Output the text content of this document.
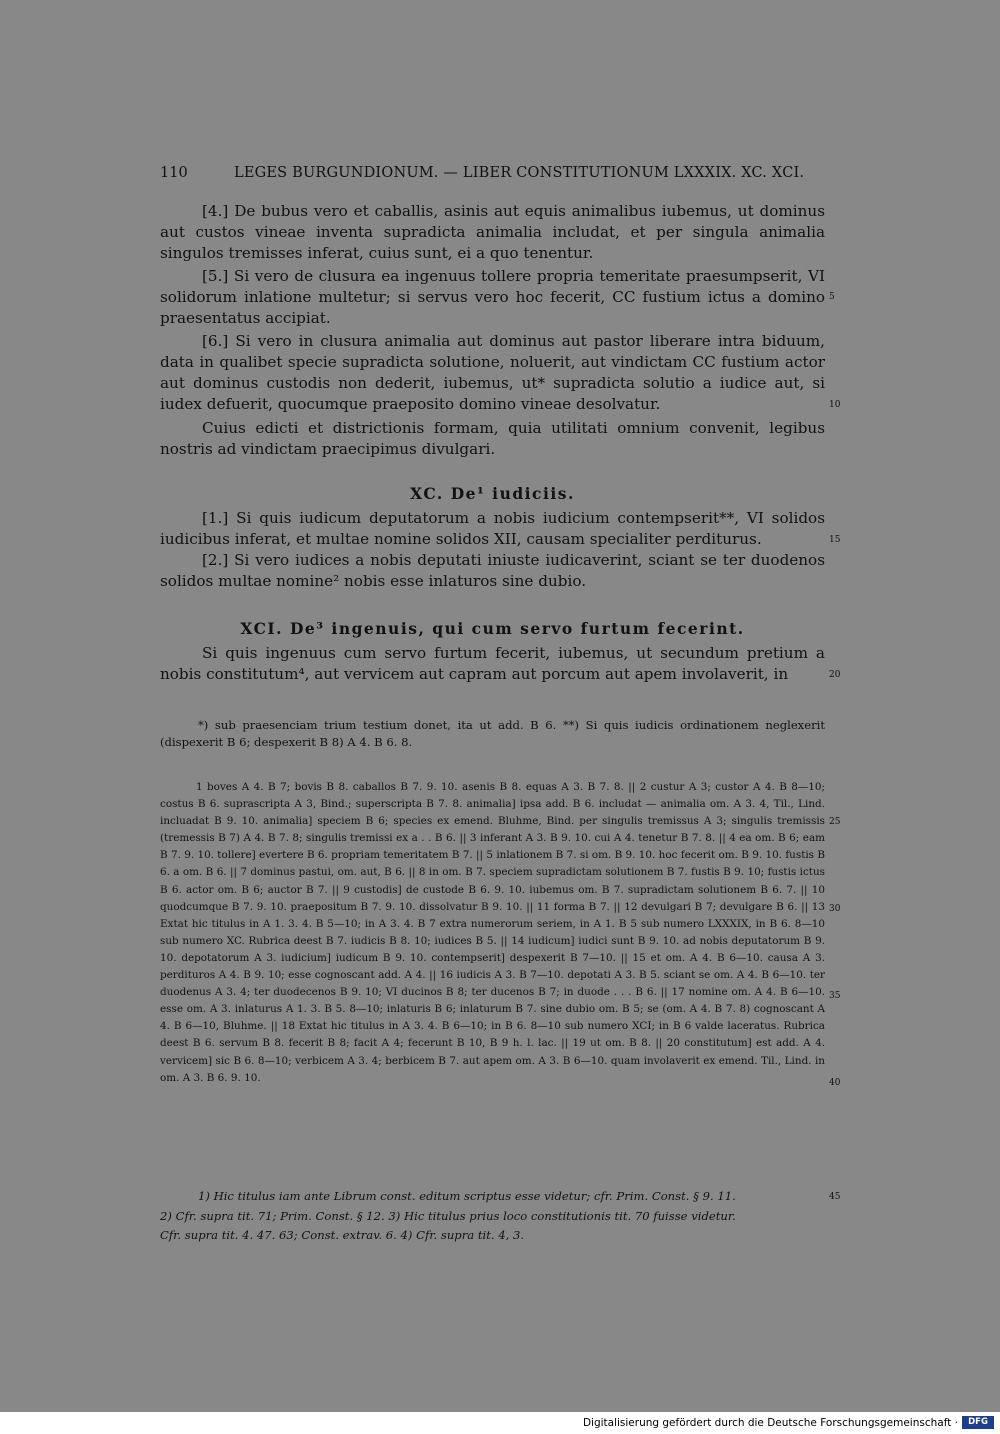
110	LEGES BURGUNDIONUM. — LIBER CONSTITUTIONUM LXXXIX. XC. XCI.

[4.] De bubus vero et caballis, asinis aut equis animalibus iubemus, ut dominus aut custos vineae inventa supradicta animalia includat, et per singula animalia singulos tremisses inferat, cuius sunt, ei a quo tenentur.

[5.] Si vero de clusura ea ingenuus tollere propria temeritate praesumpserit, VI solidorum inlatione multetur; si servus vero hoc fecerit, CC fustium ictus a domino praesentatus accipiat.

[6.] Si vero in clusura animalia aut dominus aut pastor liberare intra biduum, data in qualibet specie supradicta solutione, noluerit, aut vindictam CC fustium actor aut dominus custodis non dederit, iubemus, ut* supradicta solutio a iudice aut, si iudex defuerit, quocumque praeposito domino vineae desolvatur.

Cuius edicti et districtionis formam, quia utilitati omnium convenit, legibus nostris ad vindictam praecipimus divulgari.

XC. De¹ iudiciis.

[1.] Si quis iudicum deputatorum a nobis iudicium contempserit**, VI solidos iudicibus inferat, et multae nomine solidos XII, causam specialiter perditurus.

[2.] Si vero iudices a nobis deputati iniuste iudicaverint, sciant se ter duodenos solidos multae nomine² nobis esse inlaturos sine dubio.

XCI. De³ ingenuis, qui cum servo furtum fecerint.

Si quis ingenuus cum servo furtum fecerit, iubemus, ut secundum pretium a nobis constitutum⁴, aut vervicem aut capram aut porcum aut apem involaverit, in

5
10
15
20
25
30
35
40
45

*) sub praesenciam trium testium donet, ita ut add. B 6. **) Si quis iudicis ordinationem neglexerit (dispexerit B 6; despexerit B 8) A 4. B 6. 8.

1 boves A 4. B 7; bovis B 8. caballos B 7. 9. 10. asenis B 8. equas A 3. B 7. 8. || 2 custur A 3; custor A 4. B 8—10; costus B 6. suprascripta A 3, Bind.; superscripta B 7. 8. animalia] ipsa add. B 6. includat — animalia om. A 3. 4, Til., Lind. incluadat B 9. 10. animalia] speciem B 6; species ex emend. Bluhme, Bind. per singulis tremissus A 3; singulis tremissis (tremessis B 7) A 4. B 7. 8; singulis tremissi ex a . . B 6. || 3 inferant A 3. B 9. 10. cui A 4. tenetur B 7. 8. || 4 ea om. B 6; eam B 7. 9. 10. tollere] evertere B 6. propriam temeritatem B 7. || 5 inlationem B 7. si om. B 9. 10. hoc fecerit om. B 9. 10. fustis B 6. a om. B 6. || 7 dominus pastui, om. aut, B 6. || 8 in om. B 7. speciem supradictam solutionem B 7. fustis B 9. 10; fustis ictus B 6. actor om. B 6; auctor B 7. || 9 custodis] de custode B 6. 9. 10. iubemus om. B 7. supradictam solutionem B 6. 7. || 10 quodcumque B 7. 9. 10. praepositum B 7. 9. 10. dissolvatur B 9. 10. || 11 forma B 7. || 12 devulgari B 7; devulgare B 6. || 13 Extat hic titulus in A 1. 3. 4. B 5—10; in A 3. 4. B 7 extra numerorum seriem, in A 1. B 5 sub numero LXXXIX, in B 6. 8—10 sub numero XC. Rubrica deest B 7. iudicis B 8. 10; iudices B 5. || 14 iudicum] iudici sunt B 9. 10. ad nobis deputatorum B 9. 10. depotatorum A 3. iudicium] iudicum B 9. 10. contempserit] despexerit B 7—10. || 15 et om. A 4. B 6—10. causa A 3. perdituros A 4. B 9. 10; esse cognoscant add. A 4. || 16 iudicis A 3. B 7—10. depotati A 3. B 5. sciant se om. A 4. B 6—10. ter duodenus A 3. 4; ter duodecenos B 9. 10; VI ducinos B 8; ter ducenos B 7; in duode . . . B 6. || 17 nomine om. A 4. B 6—10. esse om. A 3. inlaturus A 1. 3. B 5. 8—10; inlaturis B 6; inlaturum B 7. sine dubio om. B 5; se (om. A 4. B 7. 8) cognoscant A 4. B 6—10, Bluhme. || 18 Extat hic titulus in A 3. 4. B 6—10; in B 6. 8—10 sub numero XCI; in B 6 valde laceratus. Rubrica deest B 6. servum B 8. fecerit B 8; facit A 4; fecerunt B 10, B 9 h. l. lac. || 19 ut om. B 8. || 20 constitutum] est add. A 4. vervicem] sic B 6. 8—10; verbicem A 3. 4; berbicem B 7. aut apem om. A 3. B 6—10. quam involaverit ex emend. Til., Lind. in om. A 3. B 6. 9. 10.

1) Hic titulus iam ante Librum const. editum scriptus esse videtur; cfr. Prim. Const. § 9. 11.
2) Cfr. supra tit. 71; Prim. Const. § 12. 3) Hic titulus prius loco constitutionis tit. 70 fuisse videtur.
Cfr. supra tit. 4. 47. 63; Const. extrav. 6. 4) Cfr. supra tit. 4, 3.
Digitalisierung gefördert durch die Deutsche Forschungsgemeinschaft ·	DFG
